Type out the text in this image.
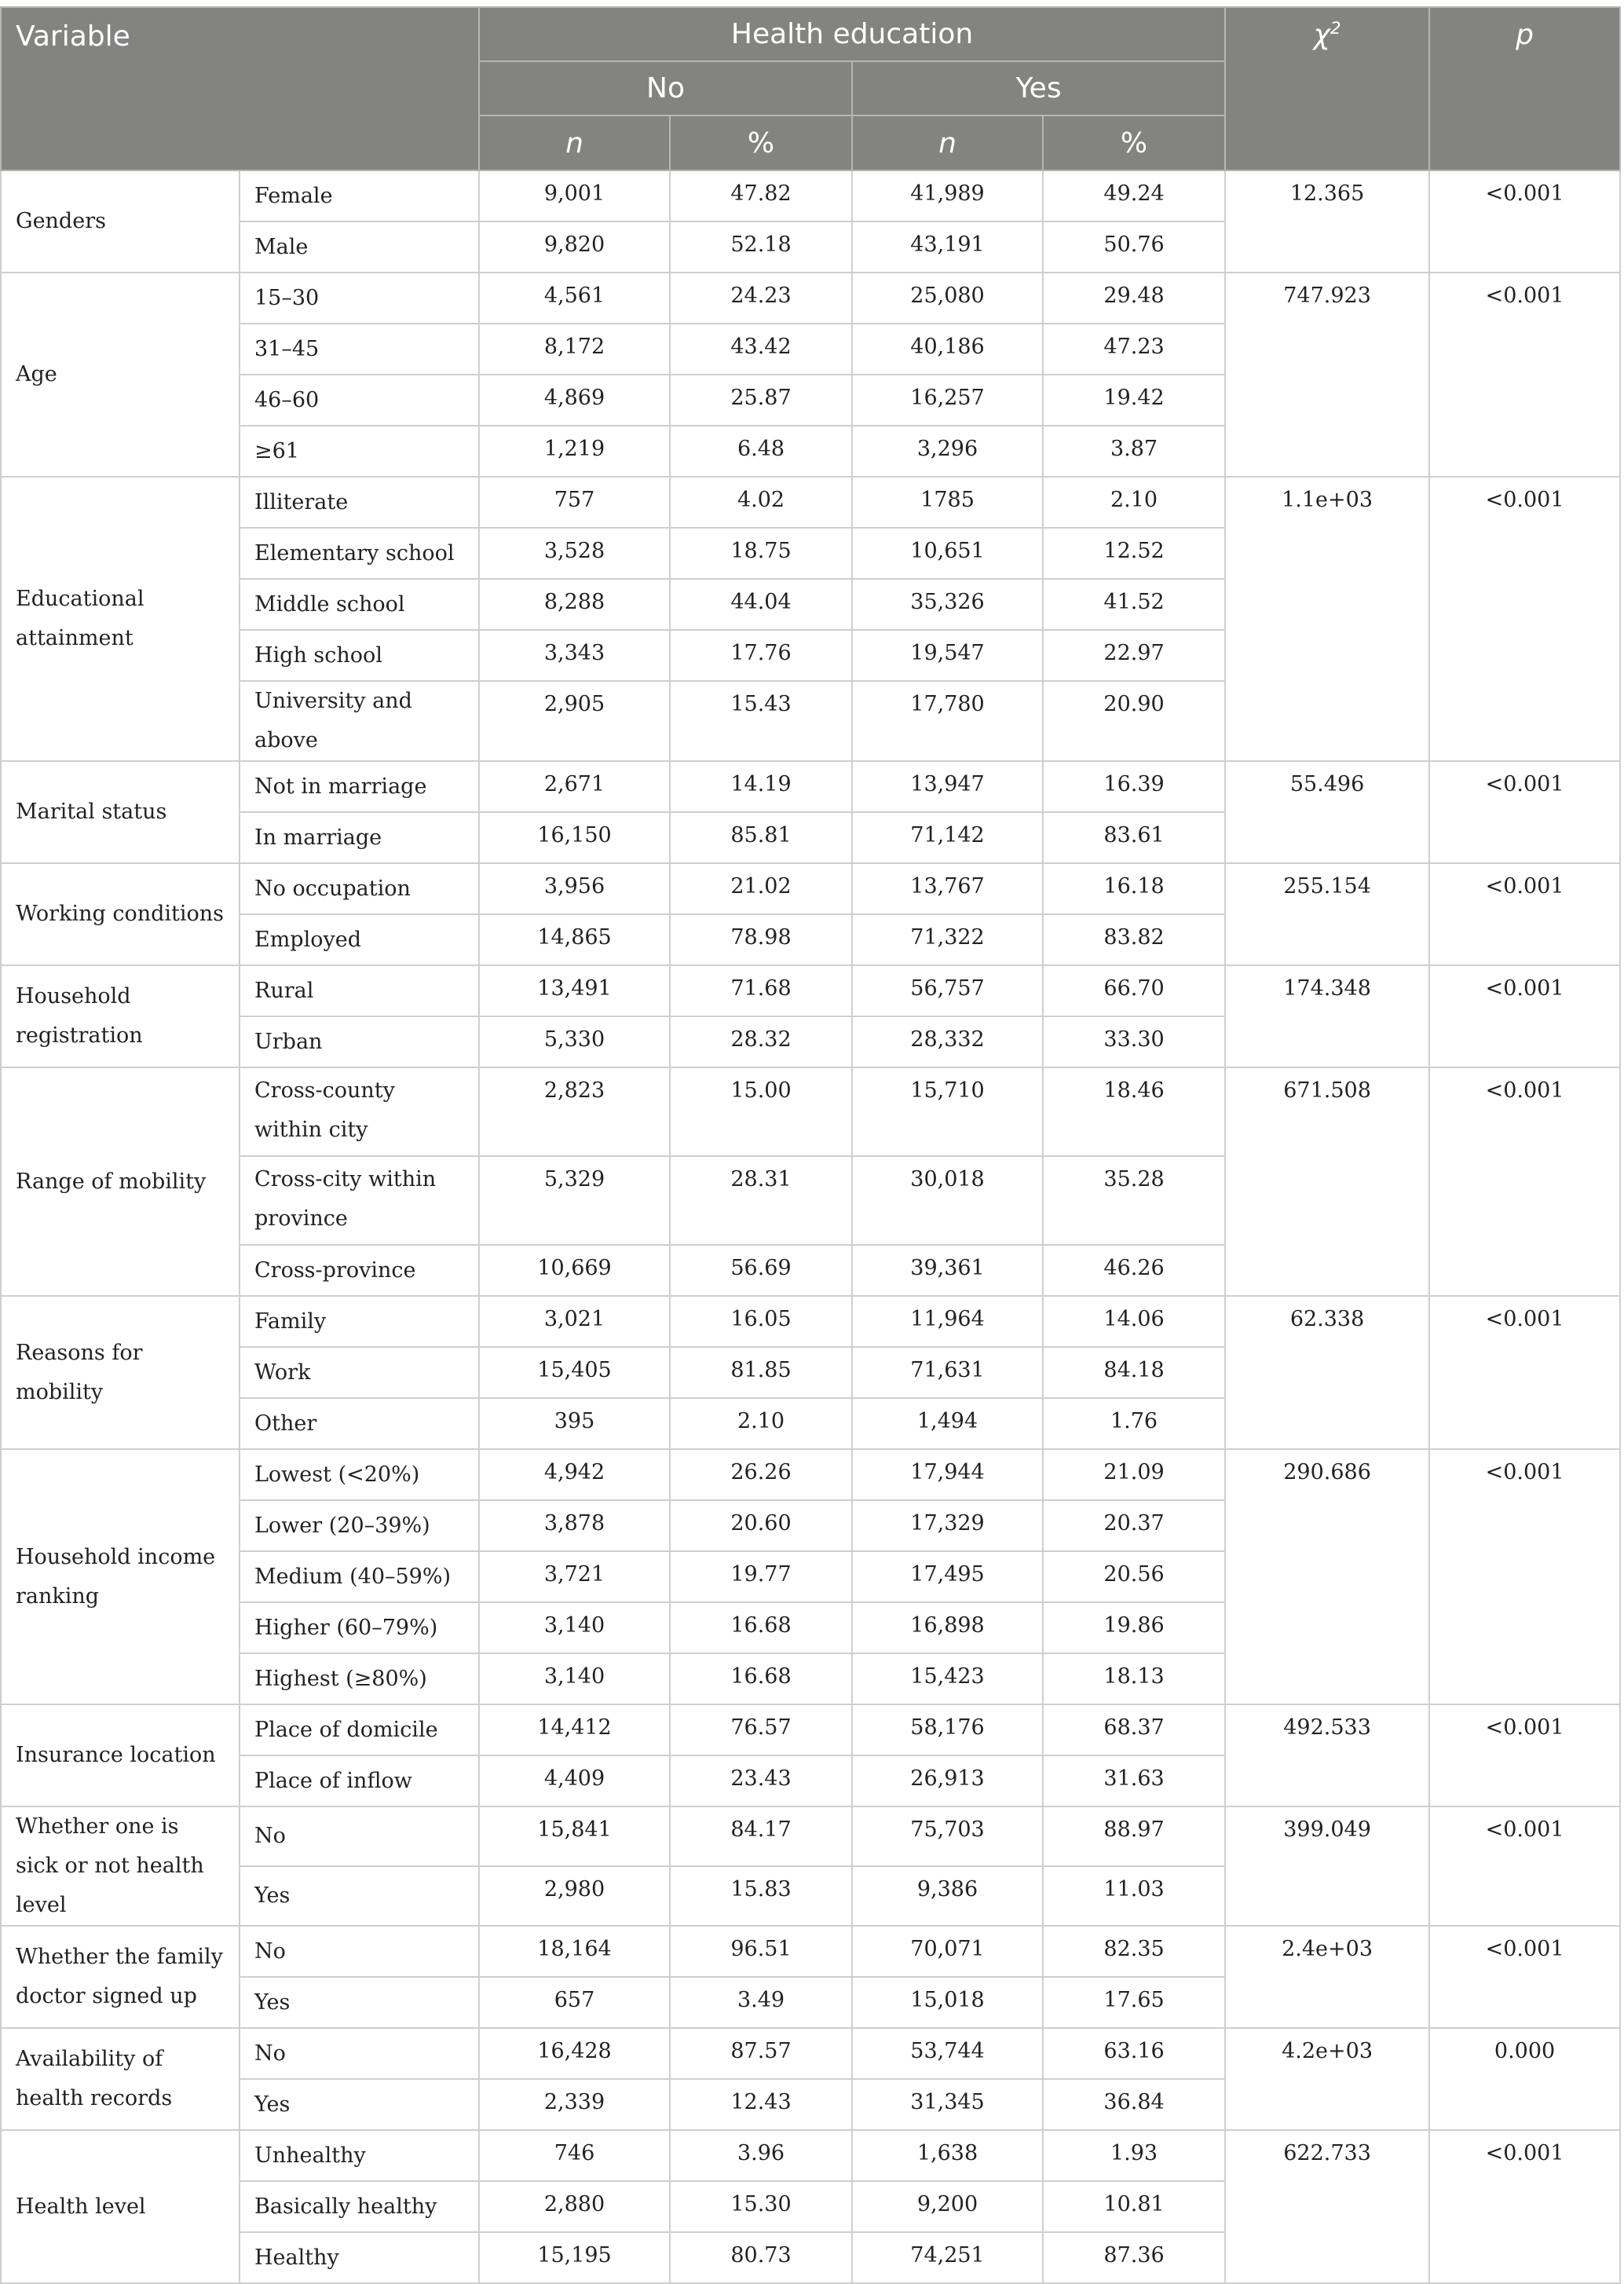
Variable		Health education				$\chi^2$	p
		No		Yes			
		n	%	n	%		
Genders	Female	9,001	47.82	41,989	49.24	12.365	<0.001
	Male	9,820	52.18	43,191	50.76		
Age	15–30	4,561	24.23	25,080	29.48	747.923	<0.001
	31–45	8,172	43.42	40,186	47.23		
	46–60	4,869	25.87	16,257	19.42		
	≥61	1,219	6.48	3,296	3.87		
Educational attainment	Illiterate	757	4.02	1785	2.10	1.1e+03	<0.001
	Elementary school	3,528	18.75	10,651	12.52		
	Middle school	8,288	44.04	35,326	41.52		
	High school	3,343	17.76	19,547	22.97		
	University and above	2,905	15.43	17,780	20.90		
Marital status	Not in marriage	2,671	14.19	13,947	16.39	55.496	<0.001
	In marriage	16,150	85.81	71,142	83.61		
Working conditions	No occupation	3,956	21.02	13,767	16.18	255.154	<0.001
	Employed	14,865	78.98	71,322	83.82		
Household registration	Rural	13,491	71.68	56,757	66.70	174.348	<0.001
	Urban	5,330	28.32	28,332	33.30		
Range of mobility	Cross-county within city	2,823	15.00	15,710	18.46	671.508	<0.001
	Cross-city within province	5,329	28.31	30,018	35.28		
	Cross-province	10,669	56.69	39,361	46.26		
Reasons for mobility	Family	3,021	16.05	11,964	14.06	62.338	<0.001
	Work	15,405	81.85	71,631	84.18		
	Other	395	2.10	1,494	1.76		
Household income ranking	Lowest (<20%)	4,942	26.26	17,944	21.09	290.686	<0.001
	Lower (20–39%)	3,878	20.60	17,329	20.37		
	Medium (40–59%)	3,721	19.77	17,495	20.56		
	Higher (60–79%)	3,140	16.68	16,898	19.86		
	Highest (≥80%)	3,140	16.68	15,423	18.13		
Insurance location	Place of domicile	14,412	76.57	58,176	68.37	492.533	<0.001
	Place of inflow	4,409	23.43	26,913	31.63		
Whether one is sick or not health level	No	15,841	84.17	75,703	88.97	399.049	<0.001
	Yes	2,980	15.83	9,386	11.03		
Whether the family doctor signed up	No	18,164	96.51	70,071	82.35	2.4e+03	<0.001
	Yes	657	3.49	15,018	17.65		
Availability of health records	No	16,428	87.57	53,744	63.16	4.2e+03	0.000
	Yes	2,339	12.43	31,345	36.84		
Health level	Unhealthy	746	3.96	1,638	1.93	622.733	<0.001
	Basically healthy	2,880	15.30	9,200	10.81		
	Healthy	15,195	80.73	74,251	87.36		
